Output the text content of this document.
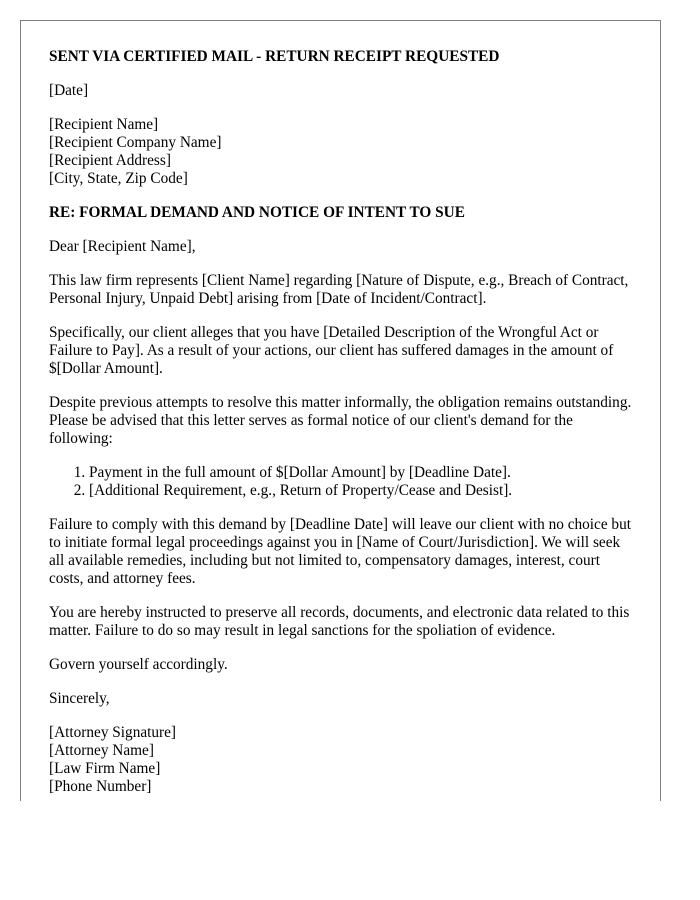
SENT VIA CERTIFIED MAIL - RETURN RECEIPT REQUESTED

[Date]

[Recipient Name]
[Recipient Company Name]
[Recipient Address]
[City, State, Zip Code]

RE: FORMAL DEMAND AND NOTICE OF INTENT TO SUE

Dear [Recipient Name],

This law firm represents [Client Name] regarding [Nature of Dispute, e.g., Breach of Contract, Personal Injury, Unpaid Debt] arising from [Date of Incident/Contract].

Specifically, our client alleges that you have [Detailed Description of the Wrongful Act or Failure to Pay]. As a result of your actions, our client has suffered damages in the amount of $[Dollar Amount].

Despite previous attempts to resolve this matter informally, the obligation remains outstanding. Please be advised that this letter serves as formal notice of our client's demand for the following:

1. Payment in the full amount of $[Dollar Amount] by [Deadline Date].
2. [Additional Requirement, e.g., Return of Property/Cease and Desist].

Failure to comply with this demand by [Deadline Date] will leave our client with no choice but to initiate formal legal proceedings against you in [Name of Court/Jurisdiction]. We will seek all available remedies, including but not limited to, compensatory damages, interest, court costs, and attorney fees.

You are hereby instructed to preserve all records, documents, and electronic data related to this matter. Failure to do so may result in legal sanctions for the spoliation of evidence.

Govern yourself accordingly.

Sincerely,

[Attorney Signature]
[Attorney Name]
[Law Firm Name]
[Phone Number]
